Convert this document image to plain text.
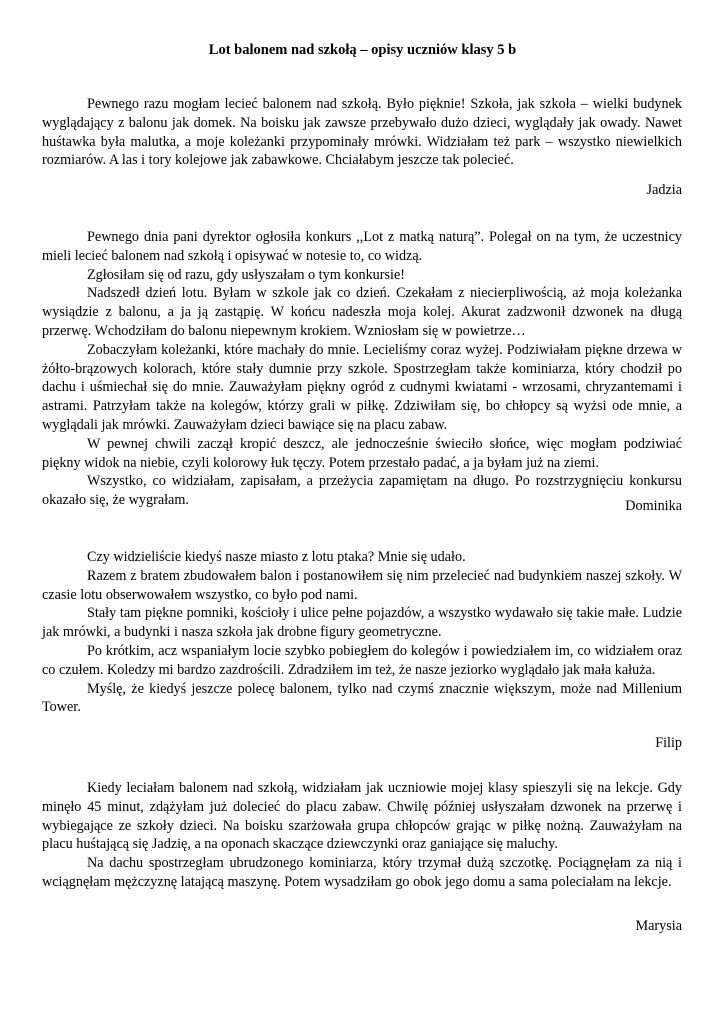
Lot balonem nad szkołą – opisy uczniów klasy 5 b

Pewnego razu mogłam lecieć balonem nad szkołą. Było pięknie! Szkoła, jak szkoła – wielki budynek wyglądający z balonu jak domek. Na boisku jak zawsze przebywało dużo dzieci, wyglądały jak owady. Nawet huśtawka była malutka, a moje koleżanki przypominały mrówki. Widziałam też park – wszystko niewielkich rozmiarów. A las i tory kolejowe jak zabawkowe. Chciałabym jeszcze tak polecieć.

Jadzia

Pewnego dnia pani dyrektor ogłosiła konkurs ,,Lot z matką naturą”. Polegał on na tym, że uczestnicy mieli lecieć balonem nad szkołą i opisywać w notesie to, co widzą.

Zgłosiłam się od razu, gdy usłyszałam o tym konkursie!

Nadszedł dzień lotu. Byłam w szkole jak co dzień. Czekałam z niecierpliwością, aż moja koleżanka wysiądzie z balonu, a ja ją zastąpię. W końcu nadeszła moja kolej. Akurat zadzwonił dzwonek na długą przerwę. Wchodziłam do balonu niepewnym krokiem. Wzniosłam się w powietrze…

Zobaczyłam koleżanki, które machały do mnie. Lecieliśmy coraz wyżej. Podziwiałam piękne drzewa w żółto-brązowych kolorach, które stały dumnie przy szkole. Spostrzegłam także kominiarza, który chodził po dachu i uśmiechał się do mnie. Zauważyłam piękny ogród z cudnymi kwiatami - wrzosami, chryzantemami i astrami. Patrzyłam także na kolegów, którzy grali w piłkę. Zdziwiłam się, bo chłopcy są wyżsi ode mnie, a wyglądali jak mrówki. Zauważyłam dzieci bawiące się na placu zabaw.

W pewnej chwili zaczął kropić deszcz, ale jednocześnie świeciło słońce, więc mogłam podziwiać piękny widok na niebie, czyli kolorowy łuk tęczy. Potem przestało padać, a ja byłam już na ziemi.

Wszystko, co widziałam, zapisałam, a przeżycia zapamiętam na długo. Po rozstrzygnięciu konkursu okazało się, że wygrałam.	Dominika

Czy widzieliście kiedyś nasze miasto z lotu ptaka? Mnie się udało.

Razem z bratem zbudowałem balon i postanowiłem się nim przelecieć nad budynkiem naszej szkoły. W czasie lotu obserwowałem wszystko, co było pod nami.

Stały tam piękne pomniki, kościoły i ulice pełne pojazdów, a wszystko wydawało się takie małe. Ludzie jak mrówki, a budynki i nasza szkoła jak drobne figury geometryczne.

Po krótkim, acz wspaniałym locie szybko pobiegłem do kolegów i powiedziałem im, co widziałem oraz co czułem. Koledzy mi bardzo zazdrościli. Zdradziłem im też, że nasze jeziorko wyglądało jak mała kałuża.

Myślę, że kiedyś jeszcze polecę balonem, tylko nad czymś znacznie większym, może nad Millenium Tower.

Filip

Kiedy leciałam balonem nad szkołą, widziałam jak uczniowie mojej klasy spieszyli się na lekcje. Gdy minęło 45 minut, zdążyłam już dolecieć do placu zabaw. Chwilę później usłyszałam dzwonek na przerwę i wybiegające ze szkoły dzieci. Na boisku szarżowała grupa chłopców grając w piłkę nożną. Zauważyłam na placu huśtającą się Jadzię, a na oponach skaczące dziewczynki oraz ganiające się maluchy.

Na dachu spostrzegłam ubrudzonego kominiarza, który trzymał dużą szczotkę. Pociągnęłam za nią i wciągnęłam mężczyznę latającą maszynę. Potem wysadziłam go obok jego domu a sama poleciałam na lekcje.

Marysia
